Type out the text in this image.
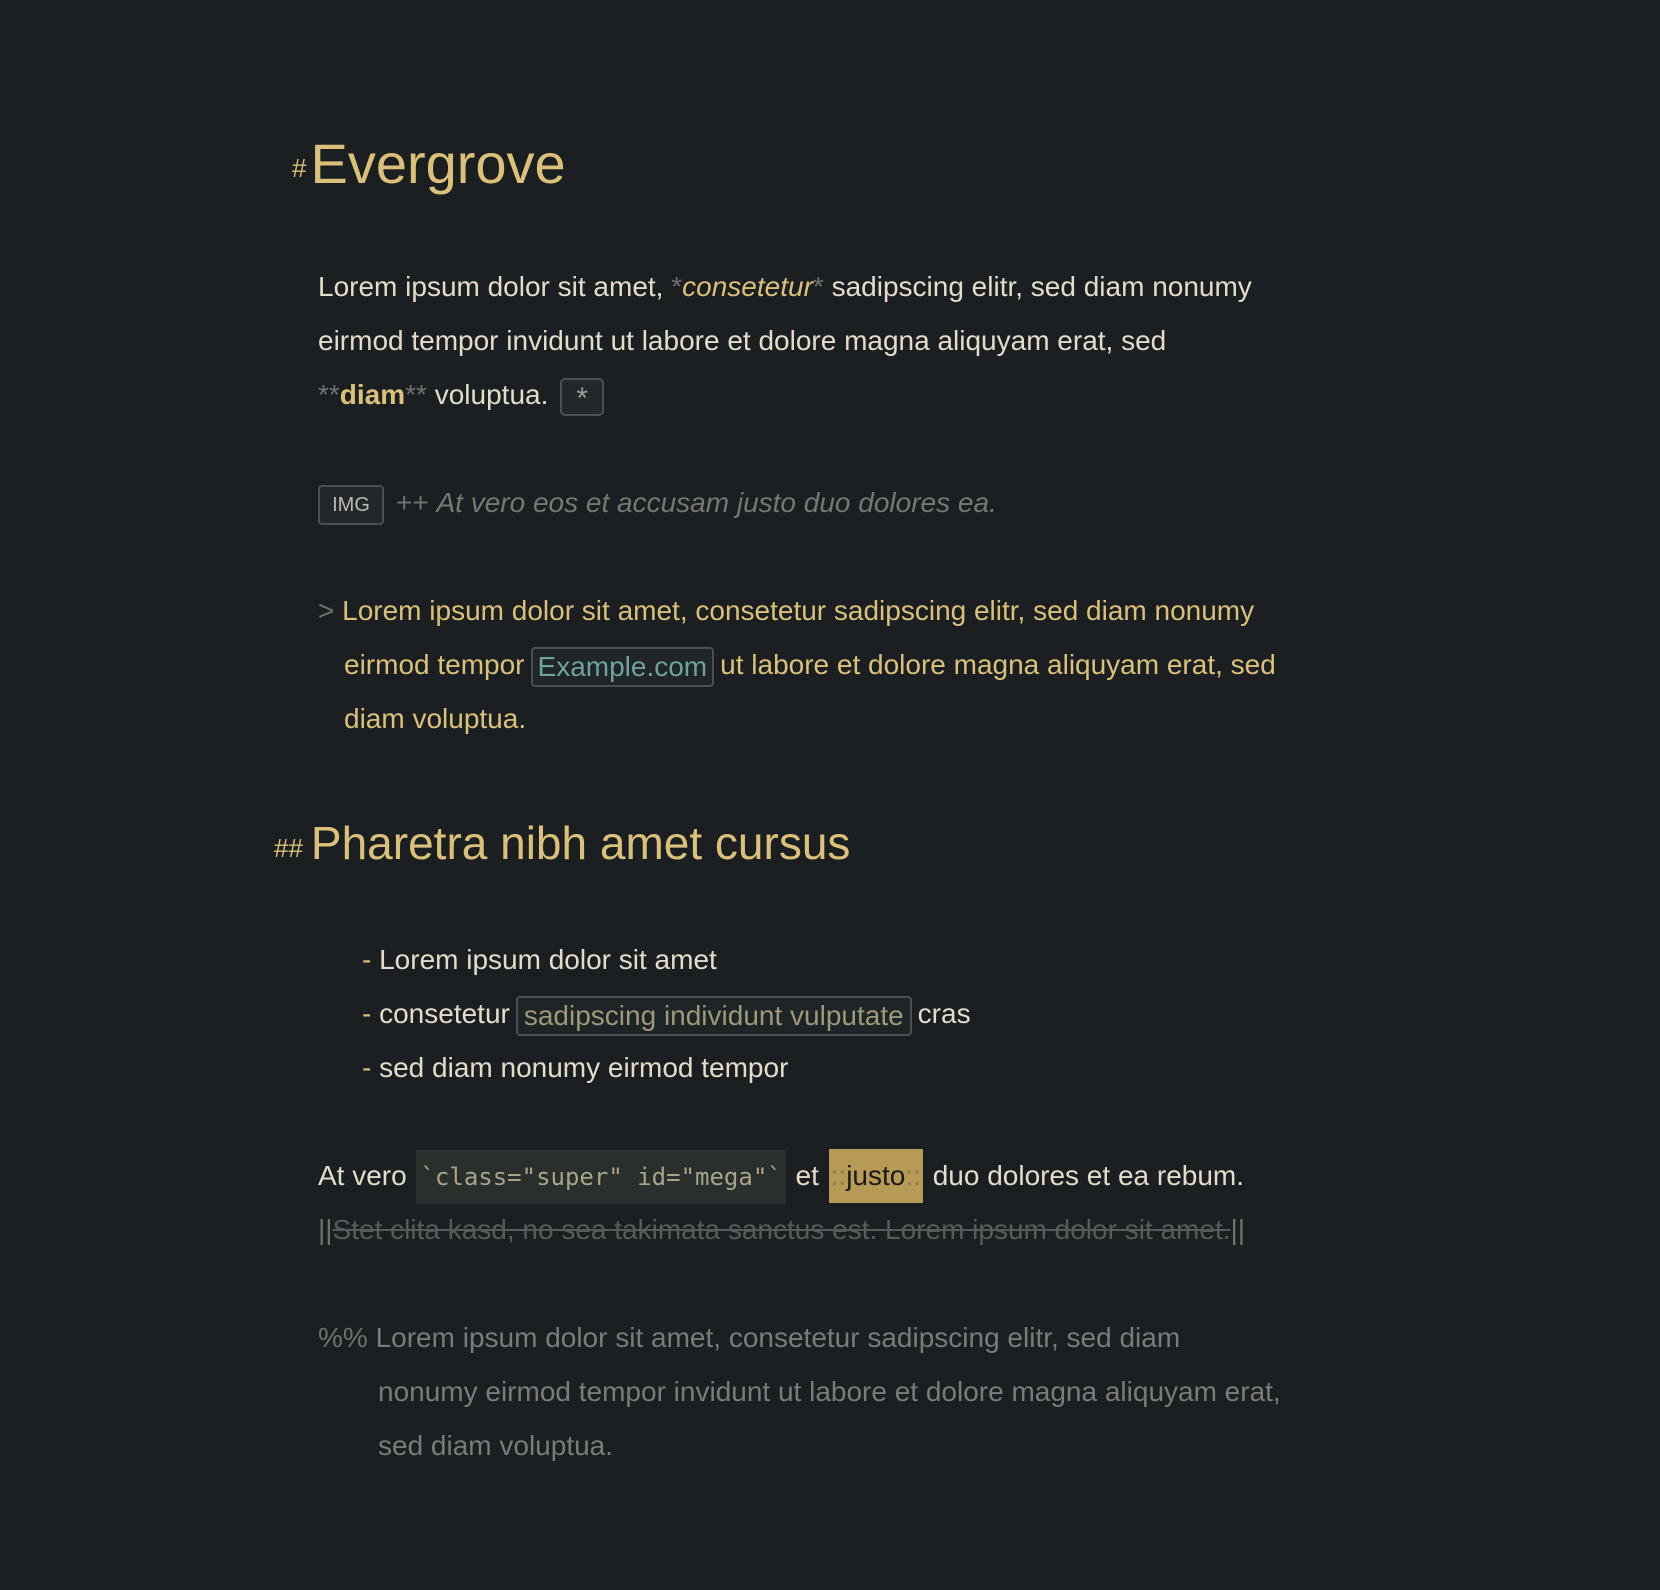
#Evergrove
Lorem ipsum dolor sit amet, *consetetur* sadipscing elitr, sed diam nonumy
eirmod tempor invidunt ut labore et dolore magna aliquyam erat, sed
**diam** voluptua. *
IMG ++ At vero eos et accusam justo duo dolores ea.
> Lorem ipsum dolor sit amet, consetetur sadipscing elitr, sed diam nonumy
eirmod tempor Example.com ut labore et dolore magna aliquyam erat, sed
diam voluptua.
## Pharetra nibh amet cursus
- Lorem ipsum dolor sit amet
- consetetur sadipscing individunt vulputate cras
- sed diam nonumy eirmod tempor
At vero `class="super" id="mega"` et ::justo:: duo dolores et ea rebum.
||Stet clita kasd, no sea takimata sanctus est. Lorem ipsum dolor sit amet.||
%% Lorem ipsum dolor sit amet, consetetur sadipscing elitr, sed diam
nonumy eirmod tempor invidunt ut labore et dolore magna aliquyam erat,
sed diam voluptua.
